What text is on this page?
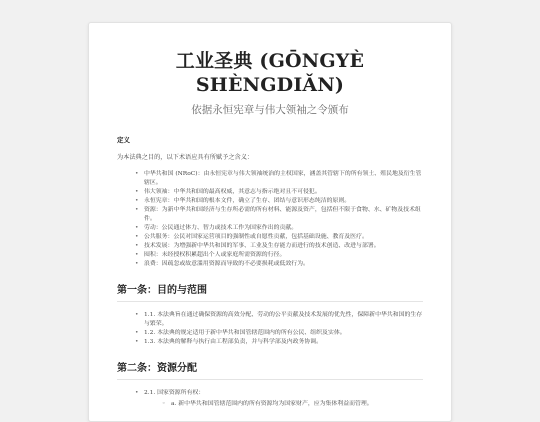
工业圣典 (GŌNGYÈ SHÈNGDIǍN)
依据永恒宪章与伟大领袖之令颁布
定义

为本法典之目的，以下术语应具有所赋予之含义：

• 中华共和国 (NRoC)：由永恒宪章与伟大领袖统治的主权国家，涵盖其管辖下的所有领土、殖民地及衍生管辖区。
• 伟大领袖：中华共和国的最高权威，其意志与指示绝对且不可侵犯。
• 永恒宪章：中华共和国的根本文件，确立了生存、团结与意识形态纯洁的原则。
• 资源：为新中华共和国经济与生存所必需的所有材料、能源及资产，包括但不限于食物、水、矿物及技术组件。
• 劳动：公民通过体力、智力或技术工作为国家作出的贡献。
• 公共服务：公民对国家运营项目的强制性或自愿性贡献，包括基础设施、教育及医疗。
• 技术发展：为增强新中华共和国的军事、工业及生存能力而进行的技术创造、改进与部署。
• 囤积：未经授权积累超出个人或家庭所需资源的行径。
• 浪费：因疏忽或故意滥用资源而导致的不必要损耗或低效行为。
第一条：目的与范围
• 1.1. 本法典旨在通过确保资源的高效分配、劳动的公平贡献及技术发展的优先性，保障新中华共和国的生存与繁荣。
• 1.2. 本法典的规定适用于新中华共和国管辖范围内的所有公民、组织及实体。
• 1.3. 本法典的解释与执行由工程部负责，并与科学部及内政务协调。
第二条：资源分配
• 2.1. 国家资源所有权：
◦ a. 新中华共和国管辖范围内的所有资源均为国家财产，应为集体利益而管理。
